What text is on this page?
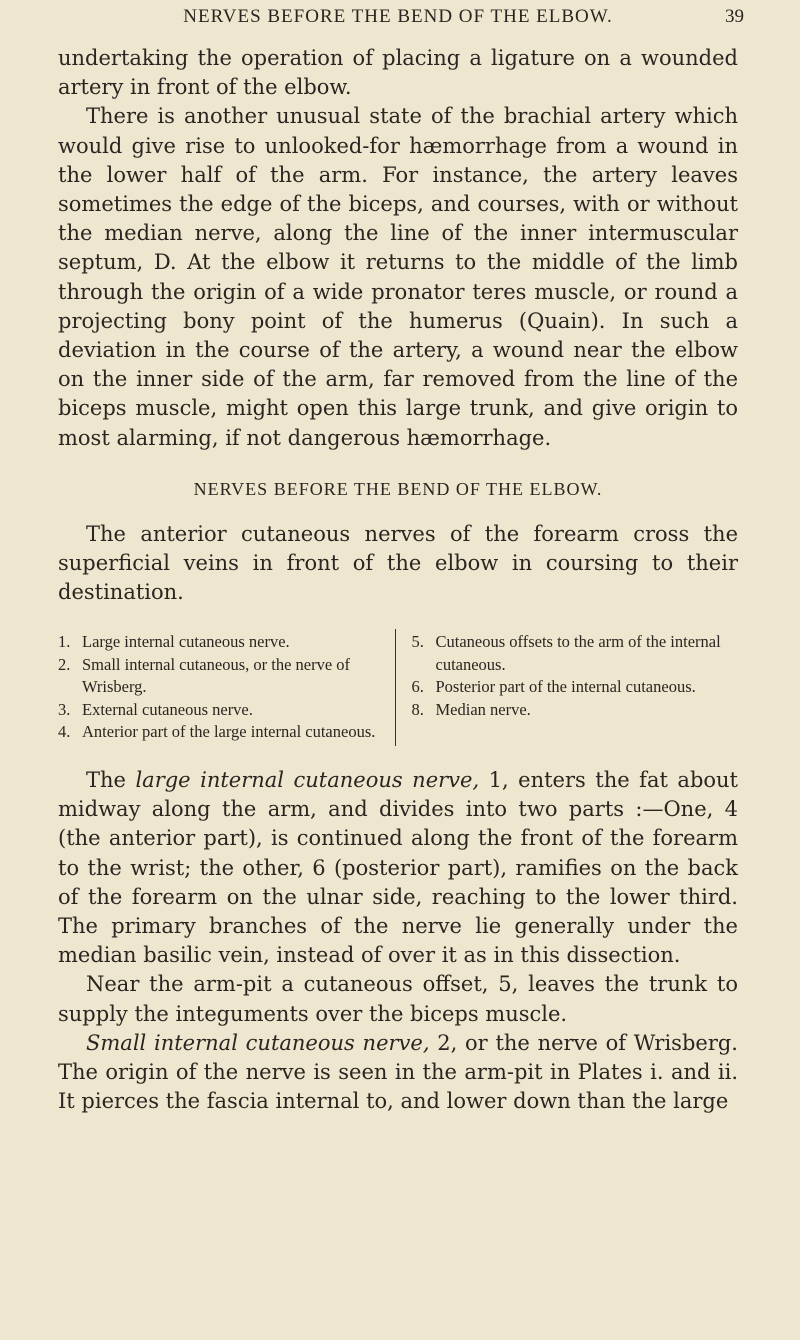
NERVES BEFORE THE BEND OF THE ELBOW.	39

undertaking the operation of placing a ligature on a wounded artery in front of the elbow.

There is another unusual state of the brachial artery which would give rise to unlooked-for hæmorrhage from a wound in the lower half of the arm. For instance, the artery leaves sometimes the edge of the biceps, and courses, with or without the median nerve, along the line of the inner intermuscular septum, D. At the elbow it returns to the middle of the limb through the origin of a wide pronator teres muscle, or round a projecting bony point of the humerus (Quain). In such a deviation in the course of the artery, a wound near the elbow on the inner side of the arm, far removed from the line of the biceps muscle, might open this large trunk, and give origin to most alarming, if not dangerous hæmorrhage.

NERVES BEFORE THE BEND OF THE ELBOW.

The anterior cutaneous nerves of the forearm cross the superficial veins in front of the elbow in coursing to their destination.

1. Large internal cutaneous nerve.
2. Small internal cutaneous, or the nerve of Wrisberg.
3. External cutaneous nerve.
4. Anterior part of the large internal cutaneous.
5. Cutaneous offsets to the arm of the internal cutaneous.
6. Posterior part of the internal cutaneous.
8. Median nerve.

The large internal cutaneous nerve, 1, enters the fat about midway along the arm, and divides into two parts :—One, 4 (the anterior part), is continued along the front of the forearm to the wrist; the other, 6 (posterior part), ramifies on the back of the forearm on the ulnar side, reaching to the lower third. The primary branches of the nerve lie generally under the median basilic vein, instead of over it as in this dissection.

Near the arm-pit a cutaneous offset, 5, leaves the trunk to supply the integuments over the biceps muscle.

Small internal cutaneous nerve, 2, or the nerve of Wrisberg. The origin of the nerve is seen in the arm-pit in Plates i. and ii. It pierces the fascia internal to, and lower down than the large
